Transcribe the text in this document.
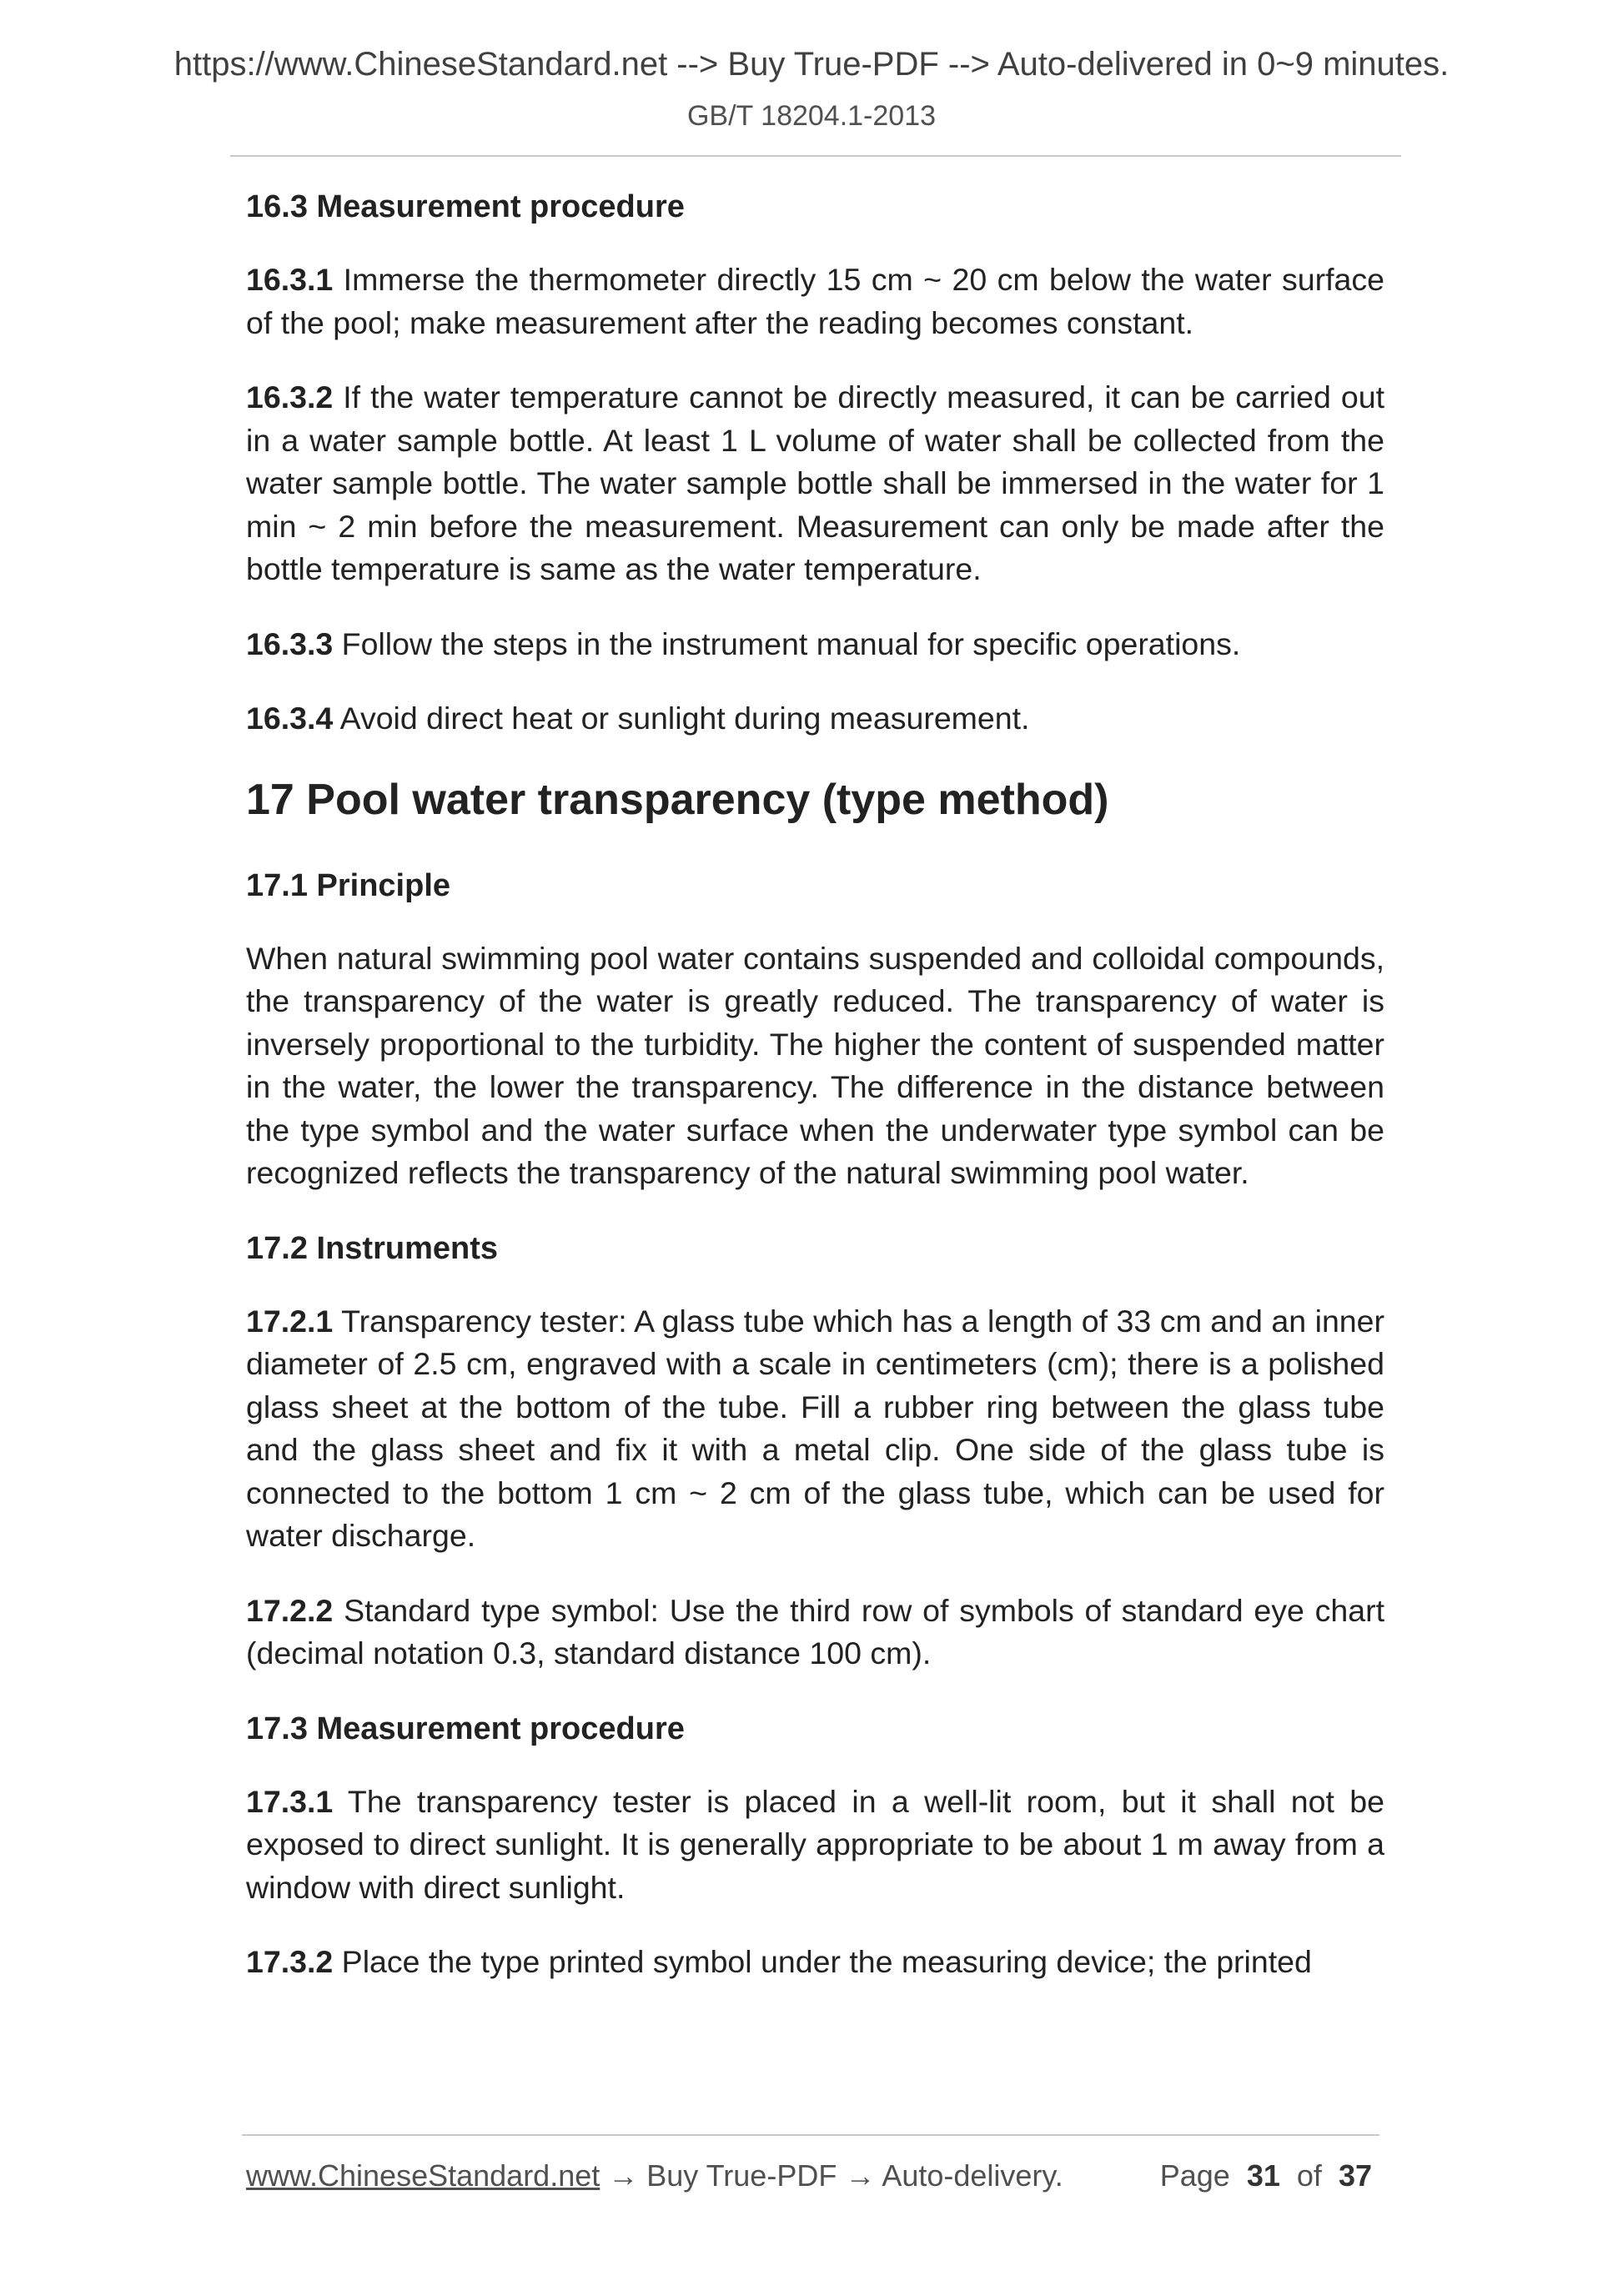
https://www.ChineseStandard.net --> Buy True-PDF --> Auto-delivered in 0~9 minutes.
GB/T 18204.1-2013
16.3 Measurement procedure
16.3.1 Immerse the thermometer directly 15 cm ~ 20 cm below the water surface of the pool; make measurement after the reading becomes constant.
16.3.2 If the water temperature cannot be directly measured, it can be carried out in a water sample bottle. At least 1 L volume of water shall be collected from the water sample bottle. The water sample bottle shall be immersed in the water for 1 min ~ 2 min before the measurement. Measurement can only be made after the bottle temperature is same as the water temperature.
16.3.3 Follow the steps in the instrument manual for specific operations.
16.3.4 Avoid direct heat or sunlight during measurement.
17 Pool water transparency (type method)
17.1 Principle
When natural swimming pool water contains suspended and colloidal compounds, the transparency of the water is greatly reduced. The transparency of water is inversely proportional to the turbidity. The higher the content of suspended matter in the water, the lower the transparency. The difference in the distance between the type symbol and the water surface when the underwater type symbol can be recognized reflects the transparency of the natural swimming pool water.
17.2 Instruments
17.2.1 Transparency tester: A glass tube which has a length of 33 cm and an inner diameter of 2.5 cm, engraved with a scale in centimeters (cm); there is a polished glass sheet at the bottom of the tube. Fill a rubber ring between the glass tube and the glass sheet and fix it with a metal clip. One side of the glass tube is connected to the bottom 1 cm ~ 2 cm of the glass tube, which can be used for water discharge.
17.2.2 Standard type symbol: Use the third row of symbols of standard eye chart (decimal notation 0.3, standard distance 100 cm).
17.3 Measurement procedure
17.3.1 The transparency tester is placed in a well-lit room, but it shall not be exposed to direct sunlight. It is generally appropriate to be about 1 m away from a window with direct sunlight.
17.3.2 Place the type printed symbol under the measuring device; the printed
www.ChineseStandard.net → Buy True-PDF → Auto-delivery.	Page 31 of 37
